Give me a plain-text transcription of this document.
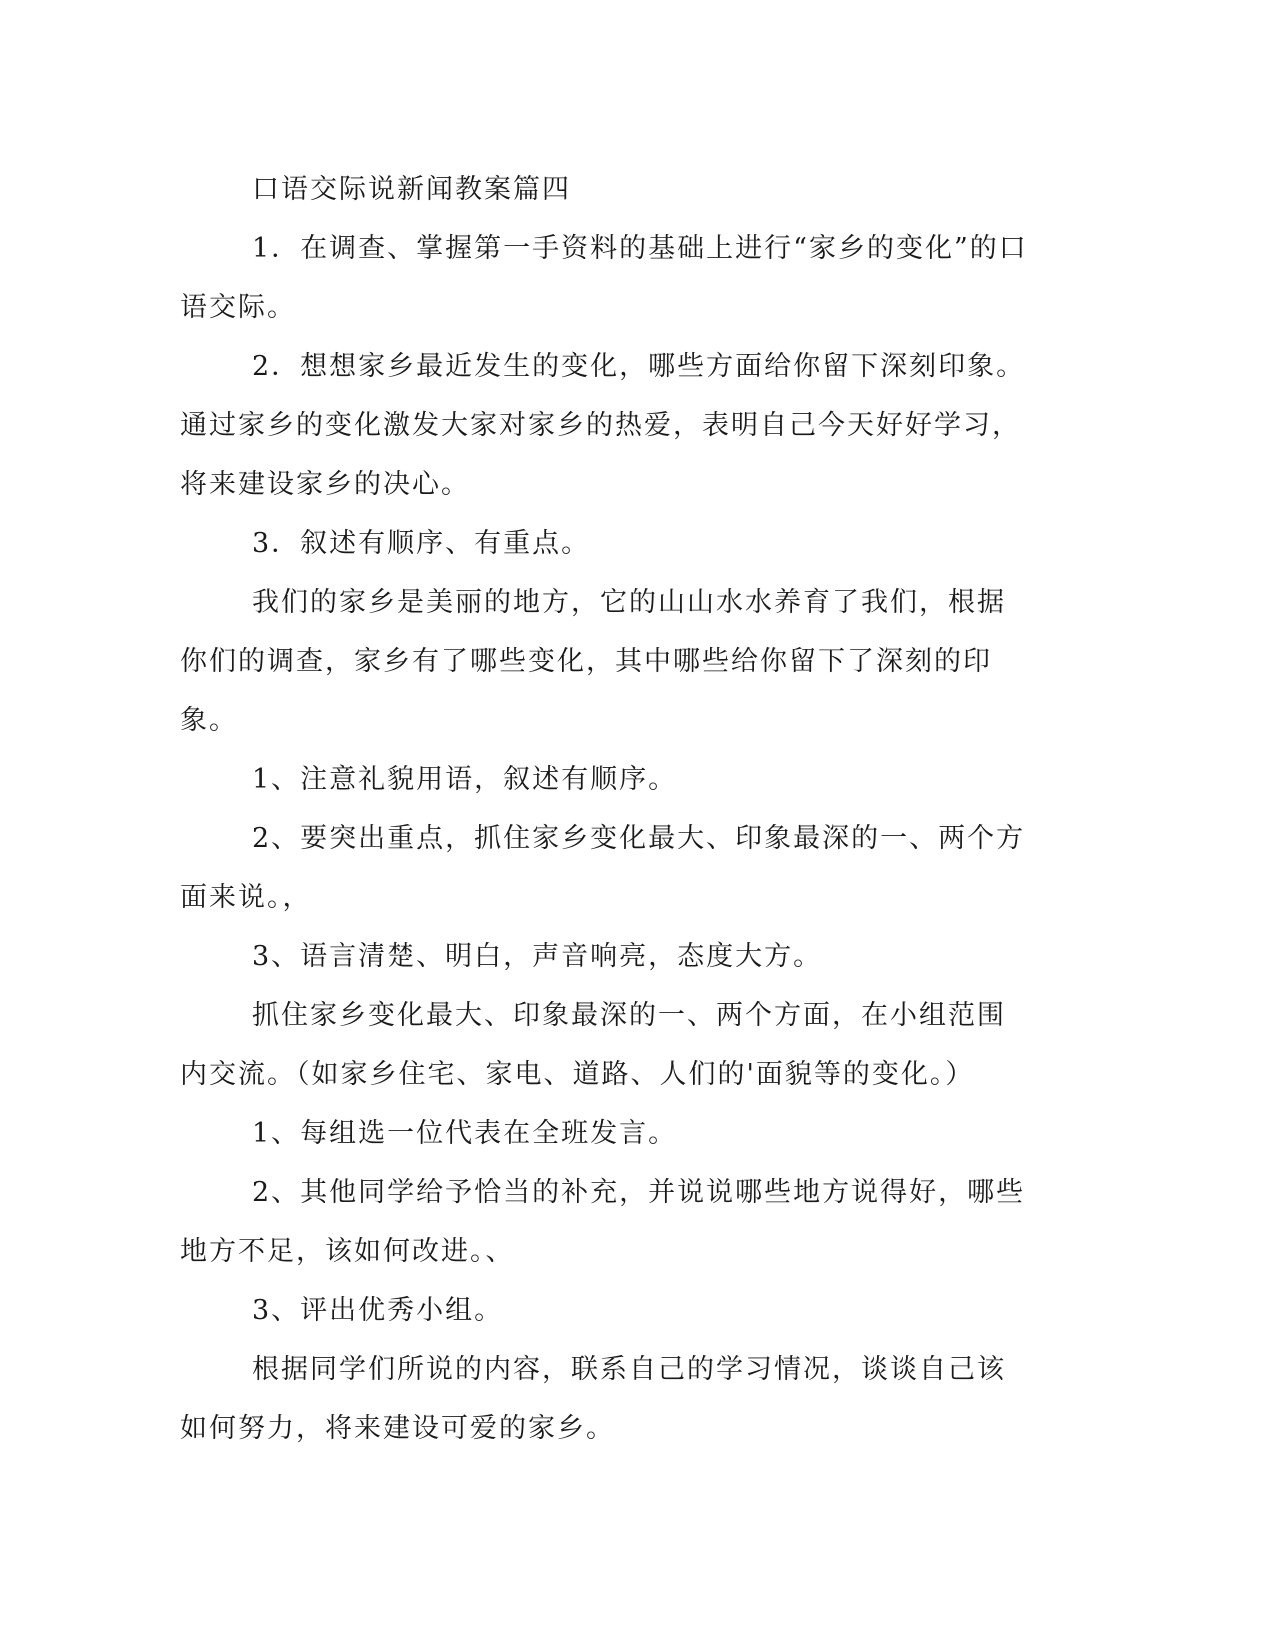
口语交际说新闻教案篇四

1．在调查、掌握第一手资料的基础上进行“家乡的变化”的口语交际。

2．想想家乡最近发生的变化，哪些方面给你留下深刻印象。通过家乡的变化激发大家对家乡的热爱，表明自己今天好好学习，将来建设家乡的决心。

3．叙述有顺序、有重点。

我们的家乡是美丽的地方，它的山山水水养育了我们，根据你们的调查，家乡有了哪些变化，其中哪些给你留下了深刻的印象。

1、注意礼貌用语，叙述有顺序。

2、要突出重点，抓住家乡变化最大、印象最深的一、两个方面来说。，

3、语言清楚、明白，声音响亮，态度大方。

抓住家乡变化最大、印象最深的一、两个方面，在小组范围内交流。（如家乡住宅、家电、道路、人们的'面貌等的变化。）

1、每组选一位代表在全班发言。

2、其他同学给予恰当的补充，并说说哪些地方说得好，哪些地方不足，该如何改进。、

3、评出优秀小组。

根据同学们所说的内容，联系自己的学习情况，谈谈自己该如何努力，将来建设可爱的家乡。
